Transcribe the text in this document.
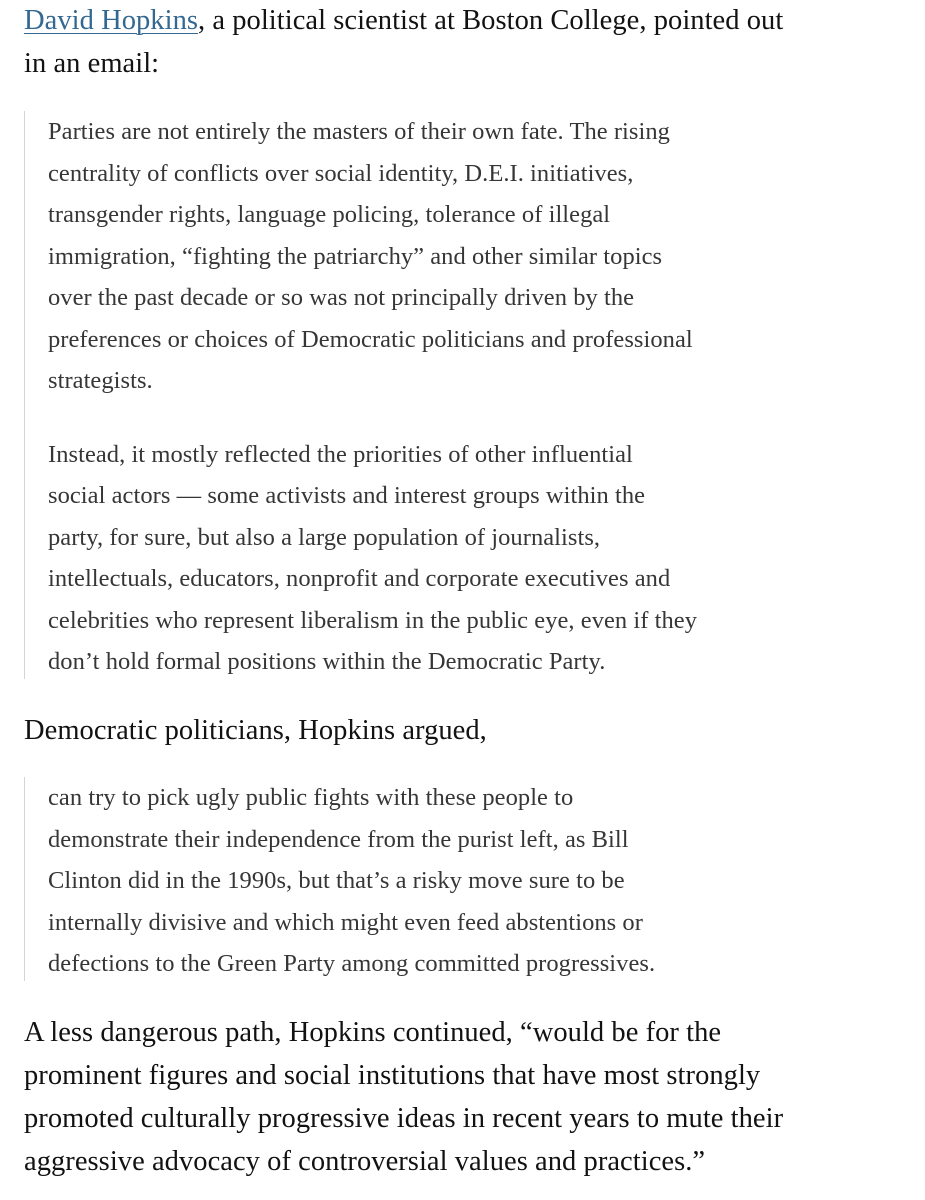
David Hopkins, a political scientist at Boston College, pointed out
in an email:

Parties are not entirely the masters of their own fate. The rising
centrality of conflicts over social identity, D.E.I. initiatives,
transgender rights, language policing, tolerance of illegal
immigration, “fighting the patriarchy” and other similar topics
over the past decade or so was not principally driven by the
preferences or choices of Democratic politicians and professional
strategists.

Instead, it mostly reflected the priorities of other influential
social actors — some activists and interest groups within the
party, for sure, but also a large population of journalists,
intellectuals, educators, nonprofit and corporate executives and
celebrities who represent liberalism in the public eye, even if they
don’t hold formal positions within the Democratic Party.

Democratic politicians, Hopkins argued,

can try to pick ugly public fights with these people to
demonstrate their independence from the purist left, as Bill
Clinton did in the 1990s, but that’s a risky move sure to be
internally divisive and which might even feed abstentions or
defections to the Green Party among committed progressives.

A less dangerous path, Hopkins continued, “would be for the
prominent figures and social institutions that have most strongly
promoted culturally progressive ideas in recent years to mute their
aggressive advocacy of controversial values and practices.”
